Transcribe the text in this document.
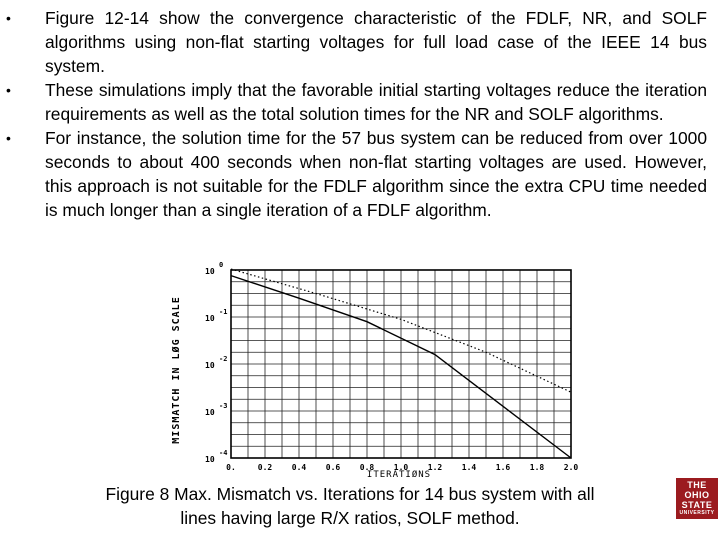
• Figure 12-14 show the convergence characteristic of the FDLF, NR, and SOLF algorithms using non-flat starting voltages for full load case of the IEEE 14 bus system.
• These simulations imply that the favorable initial starting voltages reduce the iteration requirements as well as the total solution times for the NR and SOLF algorithms.
• For instance, the solution time for the 57 bus system can be reduced from over 1000 seconds to about 400 seconds when non-flat starting voltages are used. However, this approach is not suitable for the FDLF algorithm since the extra CPU time needed is much longer than a single iteration of a FDLF algorithm.
10
0
10
-1
10
-2
10
-3
10
-4
0.	0.2 0.4 0.6 0.8 1.0 1.2 1.4 1.6 1.8 2.0
ITERATIØNS
MISMATCH IN LØG SCALE
Figure 8 Max. Mismatch vs. Iterations for 14 bus system with all
lines having large R/X ratios, SOLF method.
THE
OHIO
STATE
UNIVERSITY
